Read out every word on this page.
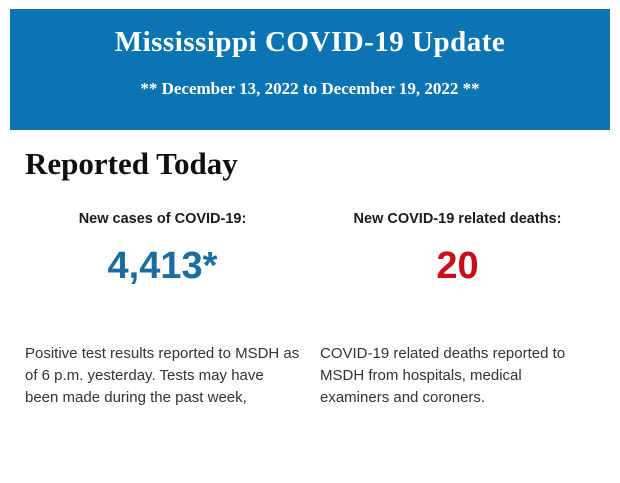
Mississippi COVID-19 Update
** December 13, 2022 to December 19, 2022 **
Reported Today
New cases of COVID-19:
4,413*
Positive test results reported to MSDH as of 6 p.m. yesterday. Tests may have been made during the past week,
New COVID-19 related deaths:
20
COVID-19 related deaths reported to MSDH from hospitals, medical examiners and coroners.
